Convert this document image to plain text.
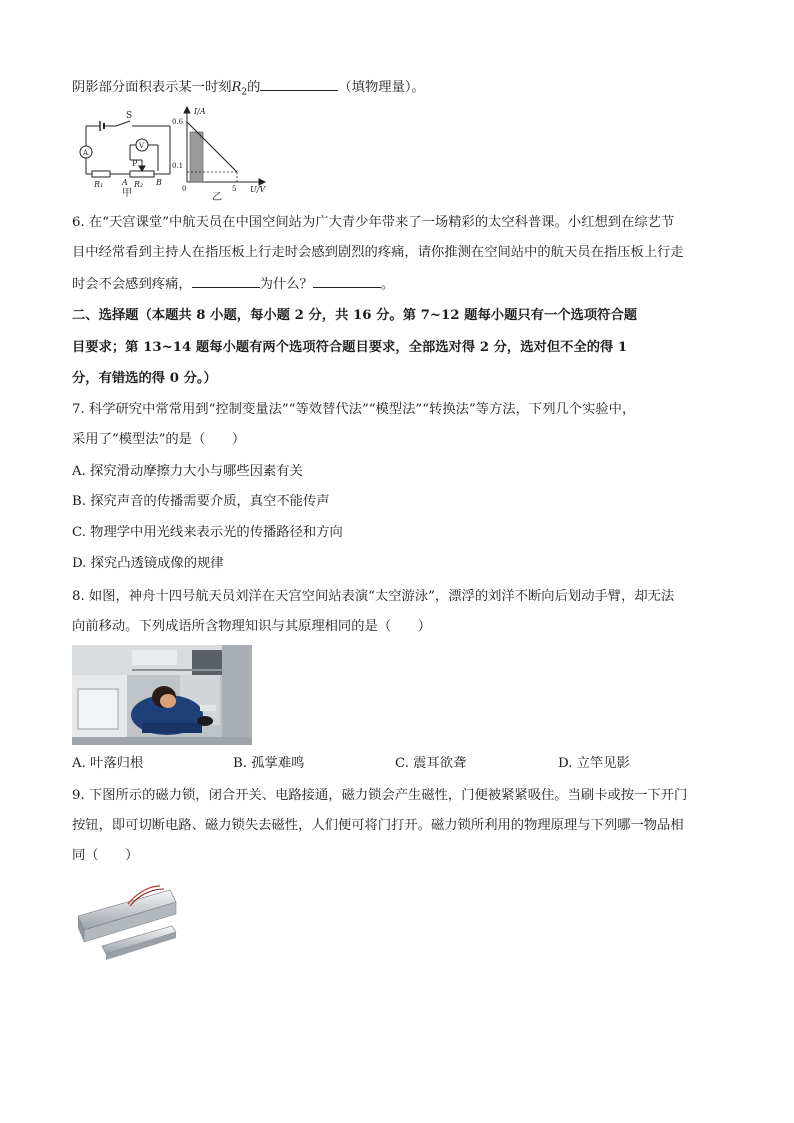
阴影部分面积表示某一时刻$R_2$的	（填物理量）。
S
A
V
P
R₁ A R₂ B
甲
I/A
U/V
0.6
0.1
0	5
乙
6. 在“天宫课堂”中航天员在中国空间站为广大青少年带来了一场精彩的太空科普课。小红想到在综艺节
目中经常看到主持人在指压板上行走时会感到剧烈的疼痛，请你推测在空间站中的航天员在指压板上行走
时会不会感到疼痛，	为什么？	。
二、选择题（本题共 8 小题，每小题 2 分，共 16 分。第 7~12 题每小题只有一个选项符合题
目要求；第 13~14 题每小题有两个选项符合题目要求，全部选对得 2 分，选对但不全的得 1
分，有错选的得 0 分。）
7. 科学研究中常常用到“控制变量法”“等效替代法”“模型法”“转换法”等方法，下列几个实验中，
采用了“模型法”的是（　　）
A. 探究滑动摩擦力大小与哪些因素有关
B. 探究声音的传播需要介质，真空不能传声
C. 物理学中用光线来表示光的传播路径和方向
D. 探究凸透镜成像的规律
8. 如图，神舟十四号航天员刘洋在天宫空间站表演“太空游泳”，漂浮的刘洋不断向后划动手臂，却无法
向前移动。下列成语所含物理知识与其原理相同的是（　　）
A. 叶落归根	B. 孤掌难鸣	C. 震耳欲聋	D. 立竿见影
9. 下图所示的磁力锁，闭合开关、电路接通，磁力锁会产生磁性，门便被紧紧吸住。当刷卡或按一下开门
按钮，即可切断电路、磁力锁失去磁性，人们便可将门打开。磁力锁所利用的物理原理与下列哪一物品相
同（　　）
